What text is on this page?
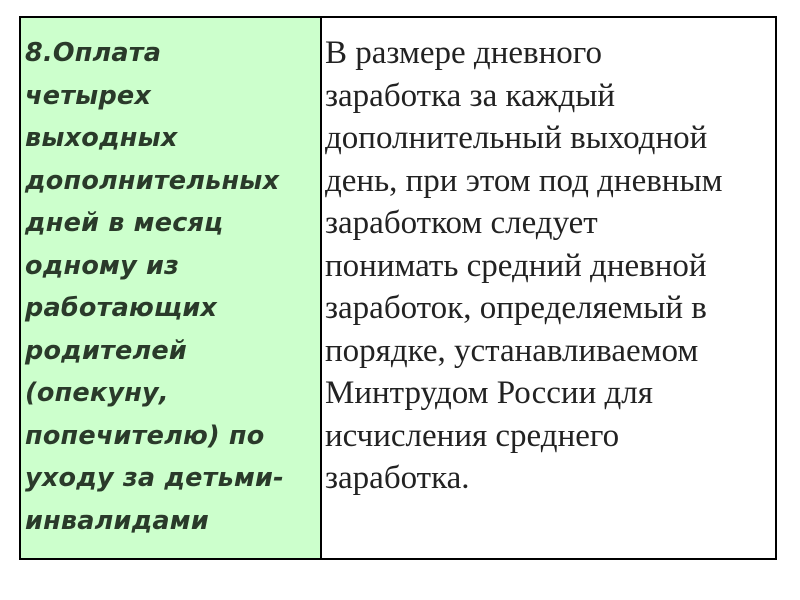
8.Оплата
четырех
выходных
дополнительных
дней в месяц
одному из
работающих
родителей
(опекуну,
попечителю) по
уходу за детьми-
инвалидами

В размере дневного
заработка за каждый
дополнительный выходной
день, при этом под дневным
заработком следует
понимать средний дневной
заработок, определяемый в
порядке, устанавливаемом
Минтрудом России для
исчисления среднего
заработка.
